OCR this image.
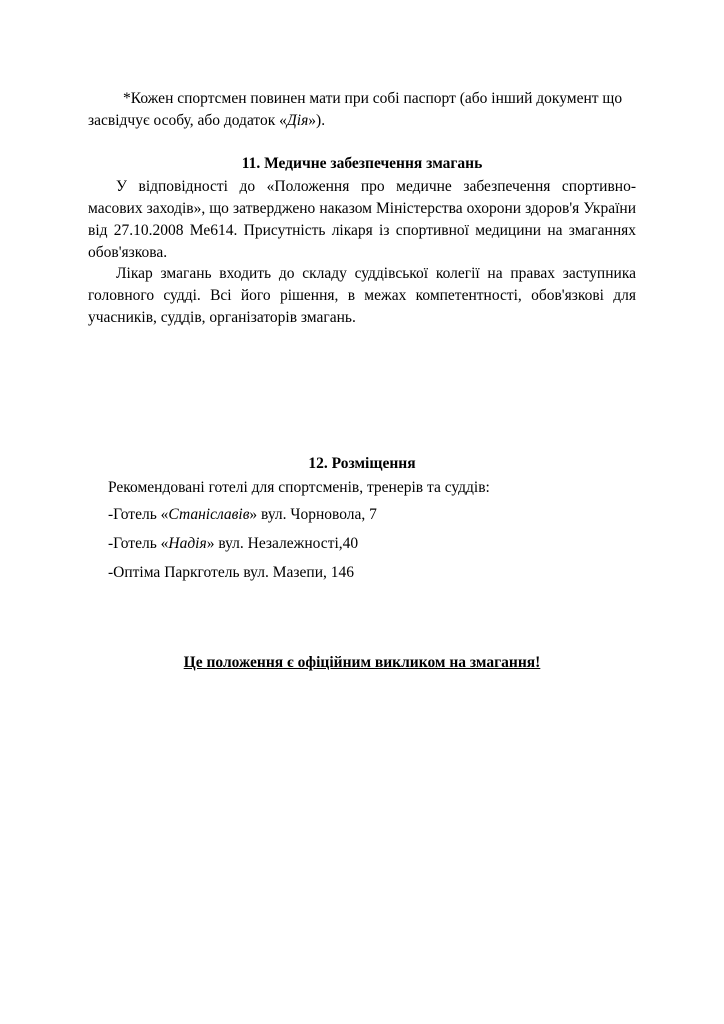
*Кожен спортсмен повинен мати при собі паспорт (або інший документ що засвідчує особу, або додаток «Дія»).
11. Медичне забезпечення змагань
У відповідності до «Положення про медичне забезпечення спортивно-масових заходів», що затверджено наказом Міністерства охорони здоров'я України від 27.10.2008 Ме614. Присутність лікаря із спортивної медицини на змаганнях обов'язкова.
Лікар змагань входить до складу суддівської колегії на правах заступника головного судді. Всі його рішення, в межах компетентності, обов'язкові для учасників, суддів, організаторів змагань.
12. Розміщення
Рекомендовані готелі для спортсменів, тренерів та суддів:
-Готель «Станіславів» вул. Чорновола, 7
-Готель «Надія» вул. Незалежності,40
-Оптіма Паркготель вул. Мазепи, 146
Це положення є офіційним викликом на змагання!
